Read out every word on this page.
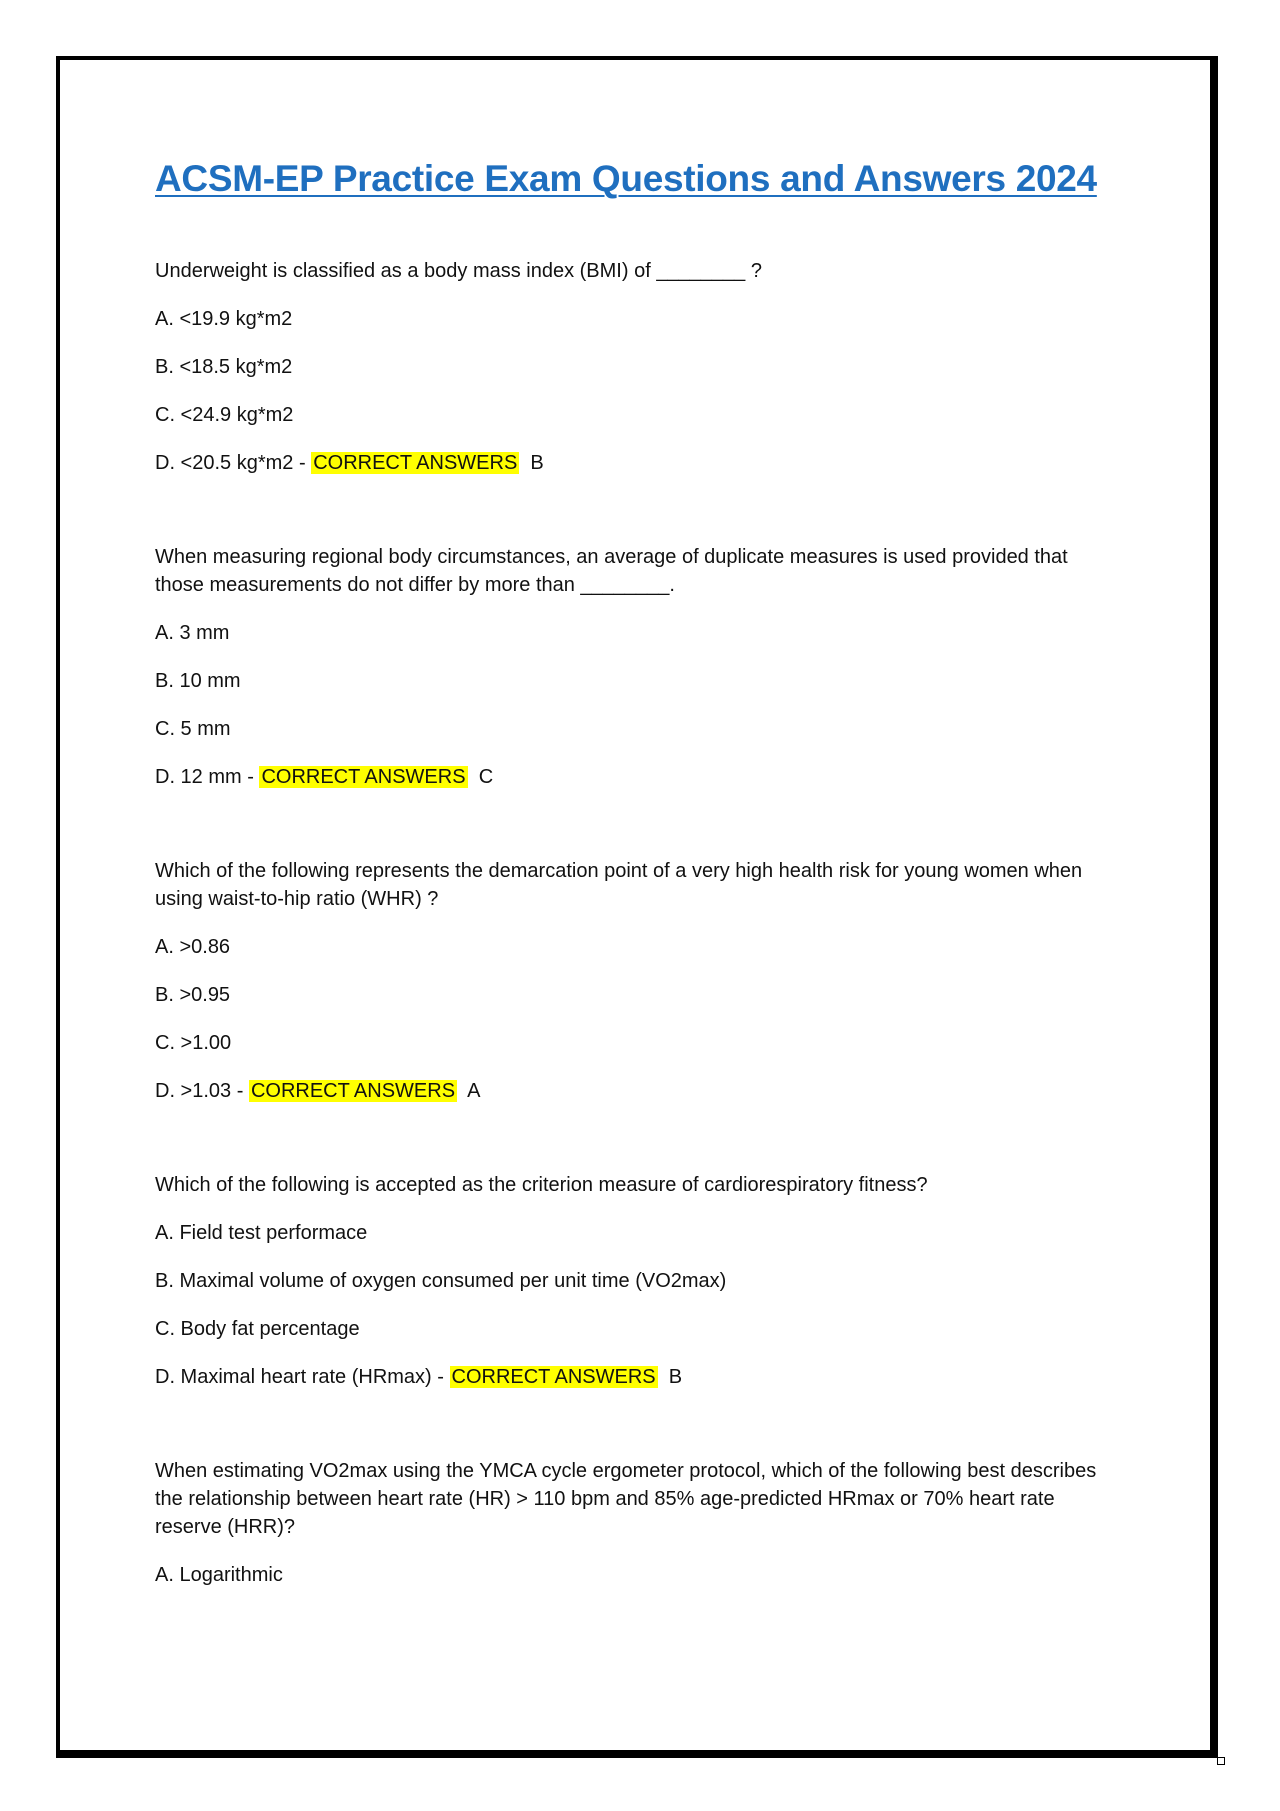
ACSM-EP Practice Exam Questions and Answers 2024

Underweight is classified as a body mass index (BMI) of ________ ?

A. <19.9 kg*m2

B. <18.5 kg*m2

C. <24.9 kg*m2

D. <20.5 kg*m2 - CORRECT ANSWERS B

When measuring regional body circumstances, an average of duplicate measures is used provided that those measurements do not differ by more than ________.

A. 3 mm

B. 10 mm

C. 5 mm

D. 12 mm - CORRECT ANSWERS C

Which of the following represents the demarcation point of a very high health risk for young women when using waist-to-hip ratio (WHR) ?

A. >0.86

B. >0.95

C. >1.00

D. >1.03 - CORRECT ANSWERS A

Which of the following is accepted as the criterion measure of cardiorespiratory fitness?

A. Field test performace

B. Maximal volume of oxygen consumed per unit time (VO2max)

C. Body fat percentage

D. Maximal heart rate (HRmax) - CORRECT ANSWERS B

When estimating VO2max using the YMCA cycle ergometer protocol, which of the following best describes the relationship between heart rate (HR) > 110 bpm and 85% age-predicted HRmax or 70% heart rate reserve (HRR)?

A. Logarithmic
